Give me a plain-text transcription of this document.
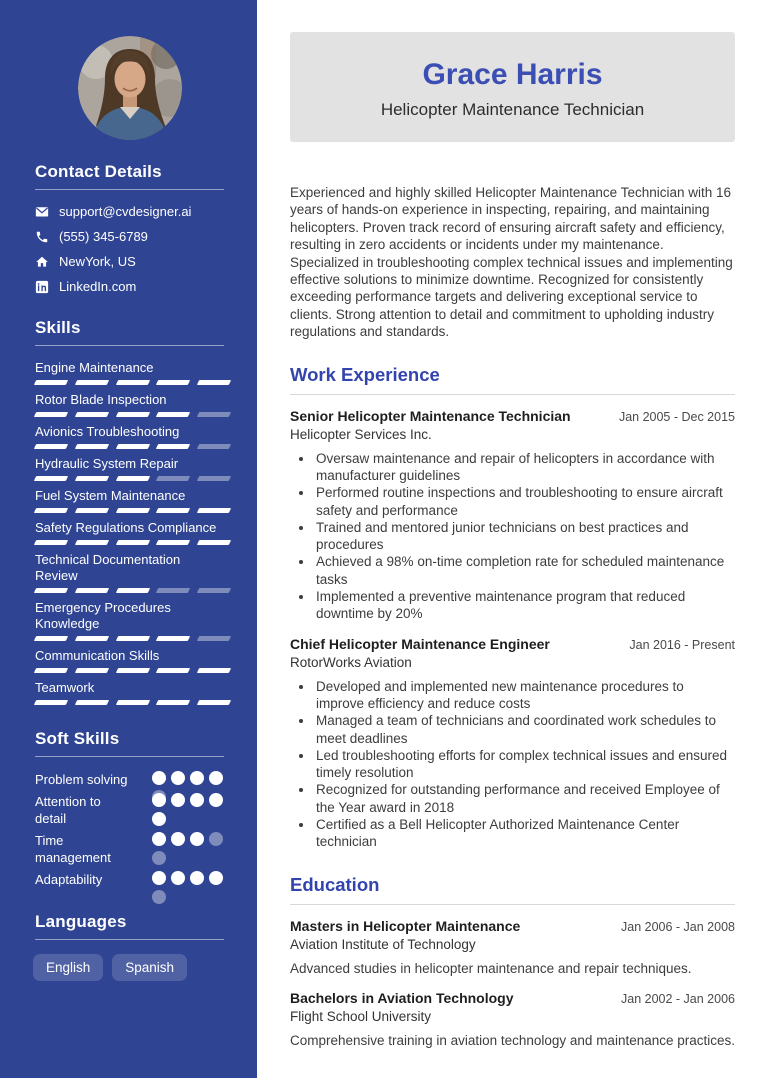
Contact Details
support@cvdesigner.ai
(555) 345-6789
NewYork, US
LinkedIn.com
Skills
Engine Maintenance
Rotor Blade Inspection
Avionics Troubleshooting
Hydraulic System Repair
Fuel System Maintenance
Safety Regulations Compliance
Technical Documentation Review
Emergency Procedures Knowledge
Communication Skills
Teamwork
Soft Skills
Problem solving
Attention to detail
Time management
Adaptability
Languages
English	Spanish
Grace Harris

Helicopter Maintenance Technician

Experienced and highly skilled Helicopter Maintenance Technician with 16 years of hands-on experience in inspecting, repairing, and maintaining helicopters. Proven track record of ensuring aircraft safety and efficiency, resulting in zero accidents or incidents under my maintenance. Specialized in troubleshooting complex technical issues and implementing effective solutions to minimize downtime. Recognized for consistently exceeding performance targets and delivering exceptional service to clients. Strong attention to detail and commitment to upholding industry regulations and standards.

Work Experience
Senior Helicopter Maintenance Technician	Jan 2005 - Dec 2015
Helicopter Services Inc.
• Oversaw maintenance and repair of helicopters in accordance with manufacturer guidelines
• Performed routine inspections and troubleshooting to ensure aircraft safety and performance
• Trained and mentored junior technicians on best practices and procedures
• Achieved a 98% on-time completion rate for scheduled maintenance tasks
• Implemented a preventive maintenance program that reduced downtime by 20%
Chief Helicopter Maintenance Engineer	Jan 2016 - Present
RotorWorks Aviation
• Developed and implemented new maintenance procedures to improve efficiency and reduce costs
• Managed a team of technicians and coordinated work schedules to meet deadlines
• Led troubleshooting efforts for complex technical issues and ensured timely resolution
• Recognized for outstanding performance and received Employee of the Year award in 2018
• Certified as a Bell Helicopter Authorized Maintenance Center technician
Education
Masters in Helicopter Maintenance	Jan 2006 - Jan 2008
Aviation Institute of Technology

Advanced studies in helicopter maintenance and repair techniques.

Bachelors in Aviation Technology	Jan 2002 - Jan 2006
Flight School University

Comprehensive training in aviation technology and maintenance practices.
